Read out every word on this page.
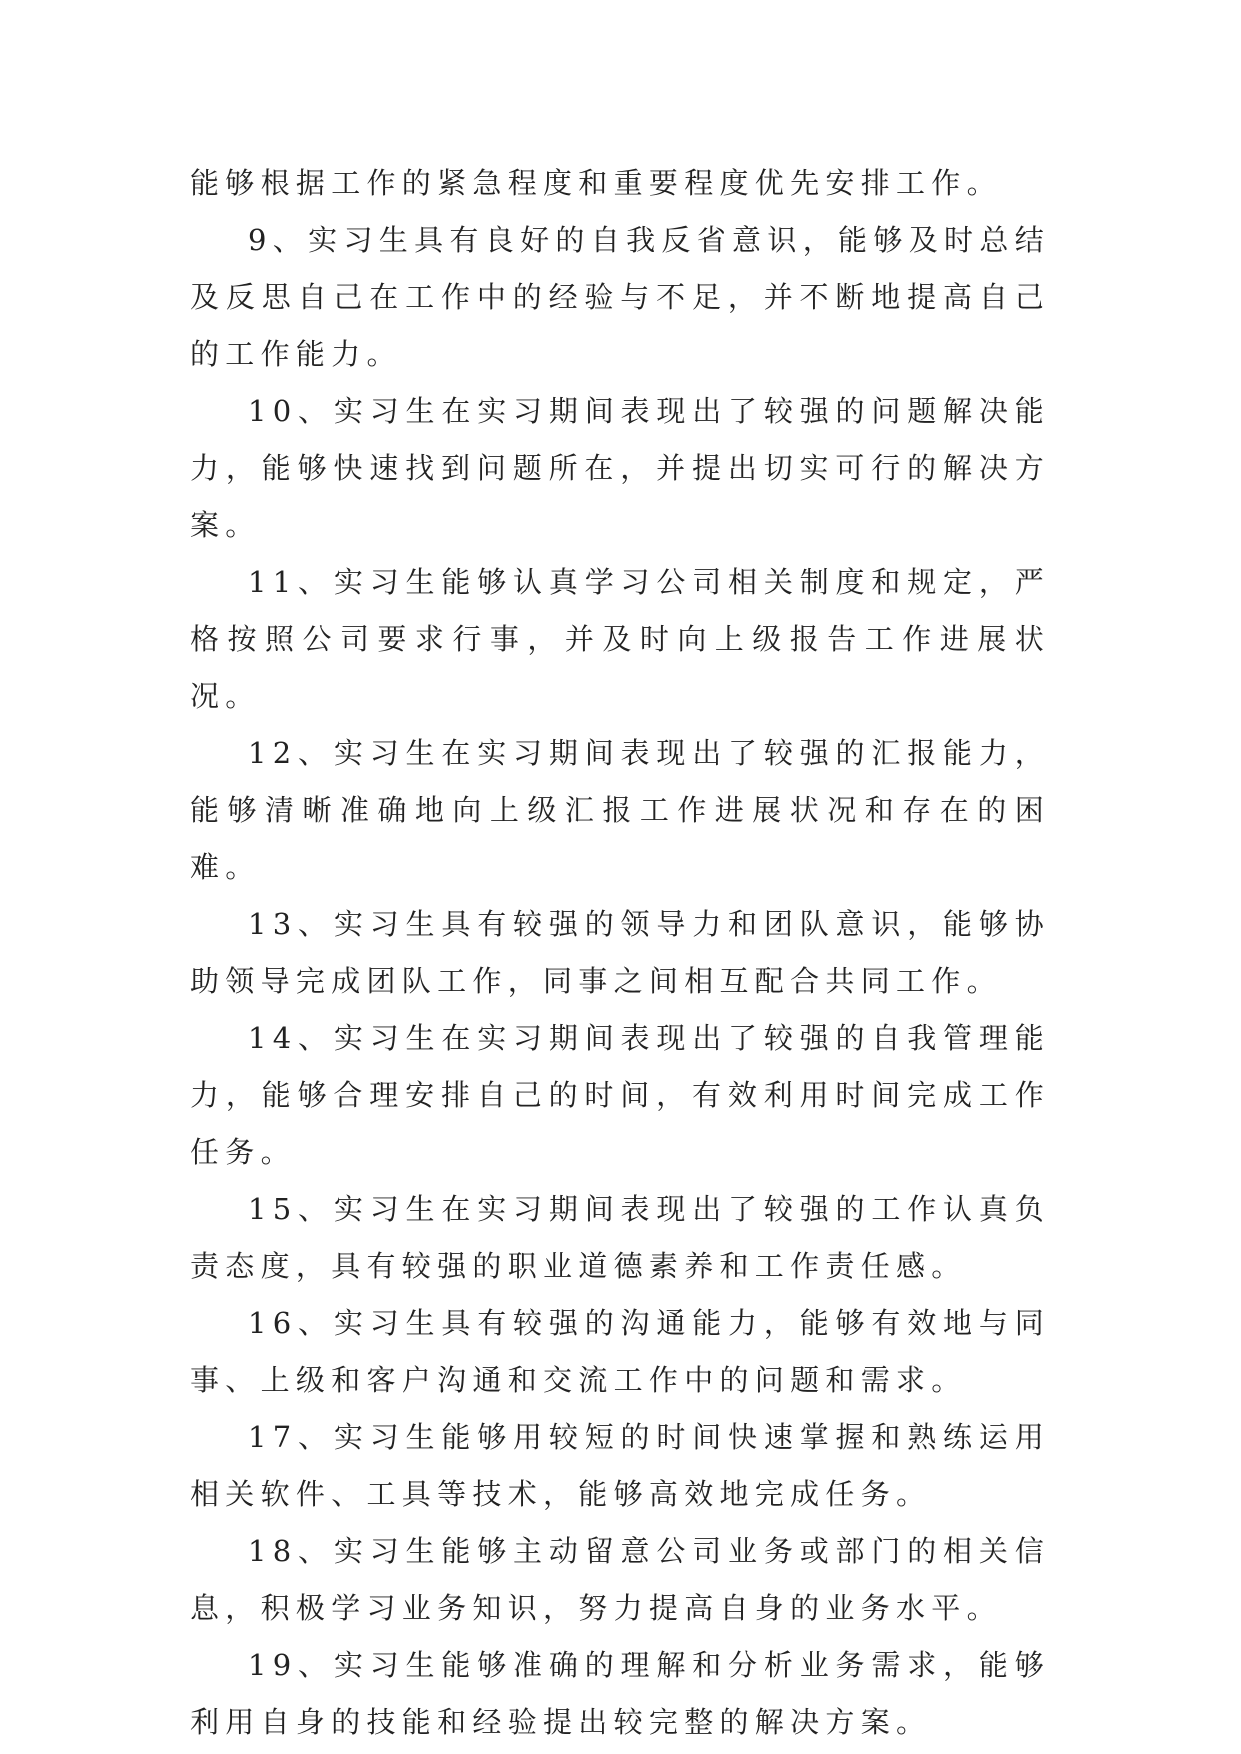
能够根据工作的紧急程度和重要程度优先安排工作。

9、实习生具有良好的自我反省意识，能够及时总结及反思自己在工作中的经验与不足，并不断地提高自己的工作能力。

10、实习生在实习期间表现出了较强的问题解决能力，能够快速找到问题所在，并提出切实可行的解决方案。

11、实习生能够认真学习公司相关制度和规定，严格按照公司要求行事，并及时向上级报告工作进展状况。

12、实习生在实习期间表现出了较强的汇报能力，能够清晰准确地向上级汇报工作进展状况和存在的困难。

13、实习生具有较强的领导力和团队意识，能够协助领导完成团队工作，同事之间相互配合共同工作。

14、实习生在实习期间表现出了较强的自我管理能力，能够合理安排自己的时间，有效利用时间完成工作任务。

15、实习生在实习期间表现出了较强的工作认真负责态度，具有较强的职业道德素养和工作责任感。

16、实习生具有较强的沟通能力，能够有效地与同事、上级和客户沟通和交流工作中的问题和需求。

17、实习生能够用较短的时间快速掌握和熟练运用相关软件、工具等技术，能够高效地完成任务。

18、实习生能够主动留意公司业务或部门的相关信息，积极学习业务知识，努力提高自身的业务水平。

19、实习生能够准确的理解和分析业务需求，能够利用自身的技能和经验提出较完整的解决方案。
